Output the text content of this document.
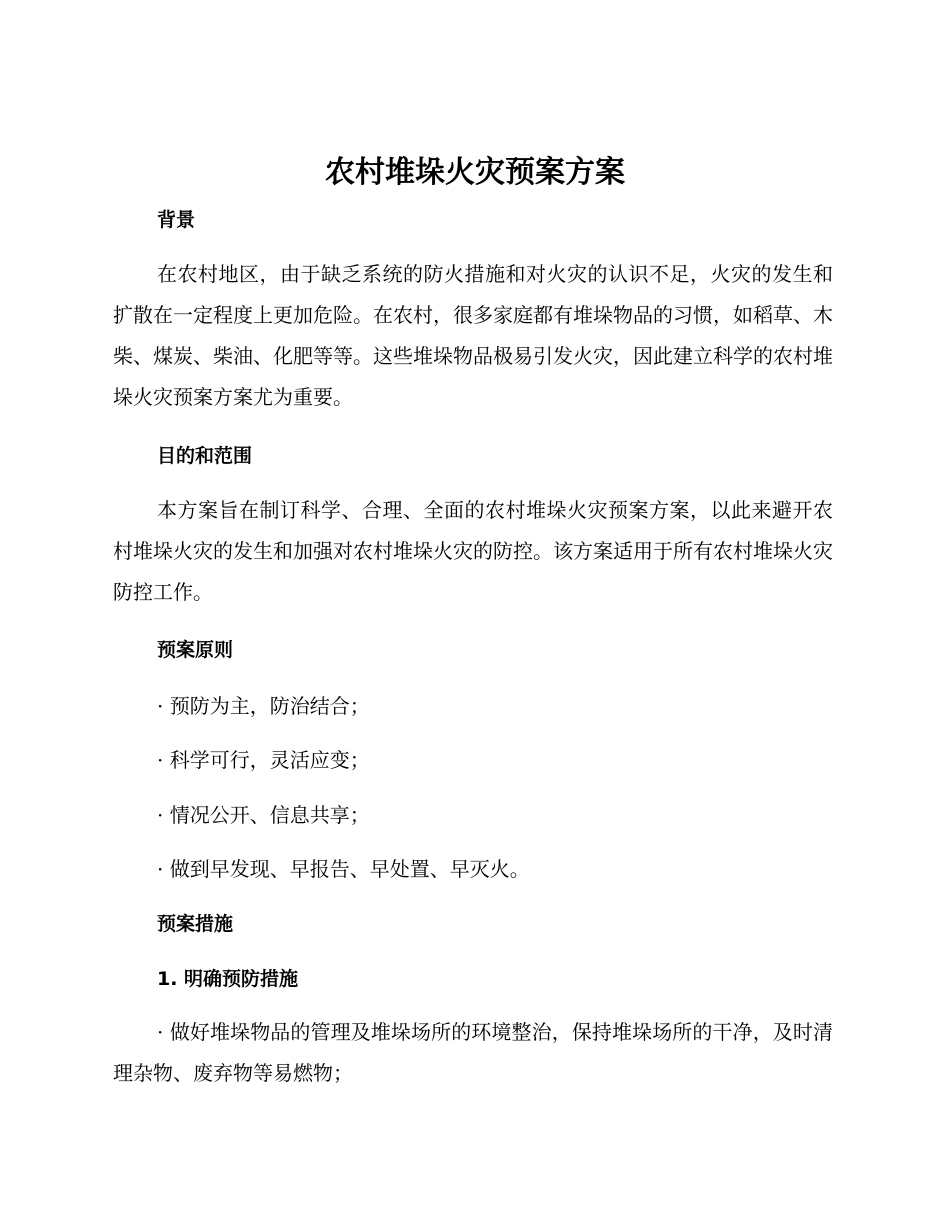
农村堆垛火灾预案方案
背景

在农村地区，由于缺乏系统的防火措施和对火灾的认识不足，火灾的发生和扩散在一定程度上更加危险。在农村，很多家庭都有堆垛物品的习惯，如稻草、木柴、煤炭、柴油、化肥等等。这些堆垛物品极易引发火灾，因此建立科学的农村堆垛火灾预案方案尤为重要。

目的和范围

本方案旨在制订科学、合理、全面的农村堆垛火灾预案方案，以此来避开农村堆垛火灾的发生和加强对农村堆垛火灾的防控。该方案适用于所有农村堆垛火灾防控工作。

预案原则

· 预防为主，防治结合；

· 科学可行，灵活应变；

· 情况公开、信息共享；

· 做到早发现、早报告、早处置、早灭火。

预案措施
1. 明确预防措施

· 做好堆垛物品的管理及堆垛场所的环境整治，保持堆垛场所的干净，及时清理杂物、废弃物等易燃物；
